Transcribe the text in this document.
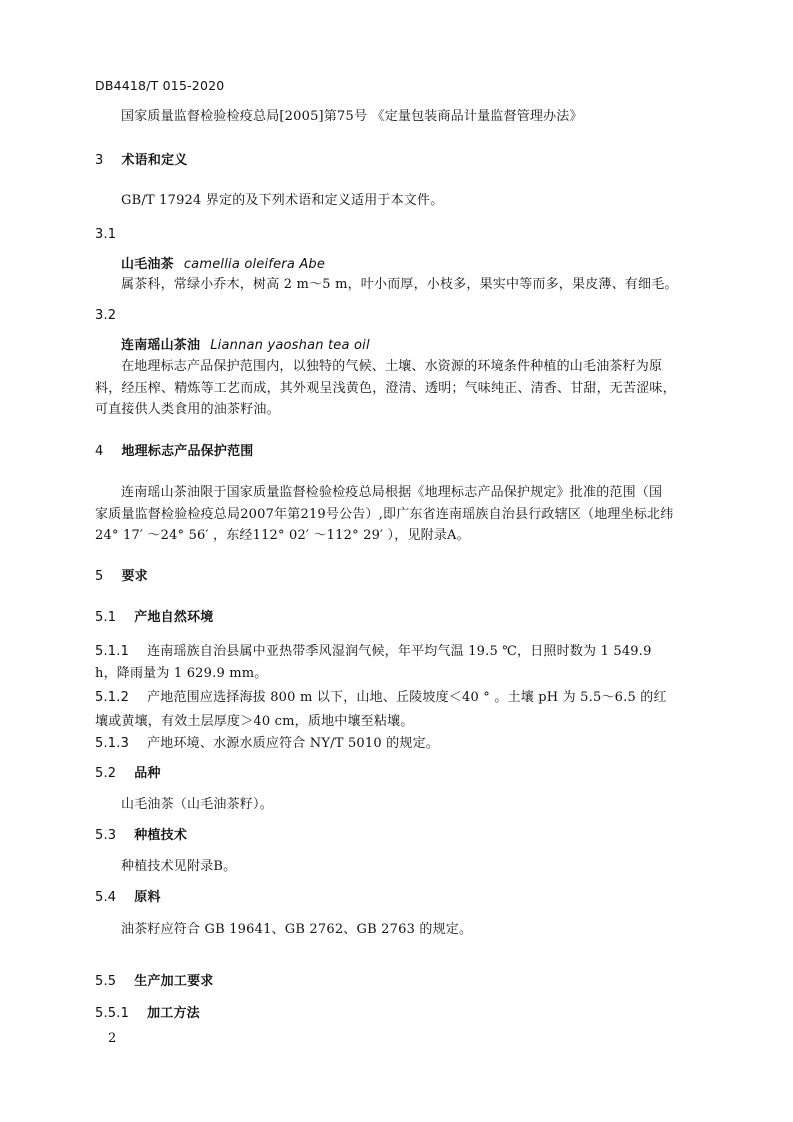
DB4418/T 015-2020
国家质量监督检验检疫总局[2005]第75号 《定量包装商品计量监督管理办法》
3 术语和定义
GB/T 17924 界定的及下列术语和定义适用于本文件。
3.1
山毛油茶 camellia oleifera Abe
属茶科，常绿小乔木，树高 2 m～5 m，叶小而厚，小枝多，果实中等而多，果皮薄、有细毛。
3.2
连南瑶山茶油 Liannan yaoshan tea oil
在地理标志产品保护范围内，以独特的气候、土壤、水资源的环境条件种植的山毛油茶籽为原
料，经压榨、精炼等工艺而成，其外观呈浅黄色，澄清、透明；气味纯正、清香、甘甜，无苦涩味，
可直接供人类食用的油茶籽油。
4 地理标志产品保护范围
连南瑶山茶油限于国家质量监督检验检疫总局根据《地理标志产品保护规定》批准的范围（国
家质量监督检验检疫总局2007年第219号公告）,即广东省连南瑶族自治县行政辖区（地理坐标北纬
24° 17′ ～24° 56′ ，东经112° 02′ ～112° 29′ ），见附录A。
5 要求
5.1 产地自然环境
5.1.1 连南瑶族自治县属中亚热带季风湿润气候，年平均气温 19.5 ℃，日照时数为 1 549.9
h，降雨量为 1 629.9 mm。
5.1.2 产地范围应选择海拔 800 m 以下，山地、丘陵坡度＜40 ° 。土壤 pH 为 5.5～6.5 的红
壤或黄壤，有效土层厚度＞40 cm，质地中壤至粘壤。
5.1.3 产地环境、水源水质应符合 NY/T 5010 的规定。
5.2 品种
山毛油茶（山毛油茶籽）。
5.3 种植技术
种植技术见附录B。
5.4 原料
油茶籽应符合 GB 19641、GB 2762、GB 2763 的规定。
5.5 生产加工要求
5.5.1 加工方法
2
